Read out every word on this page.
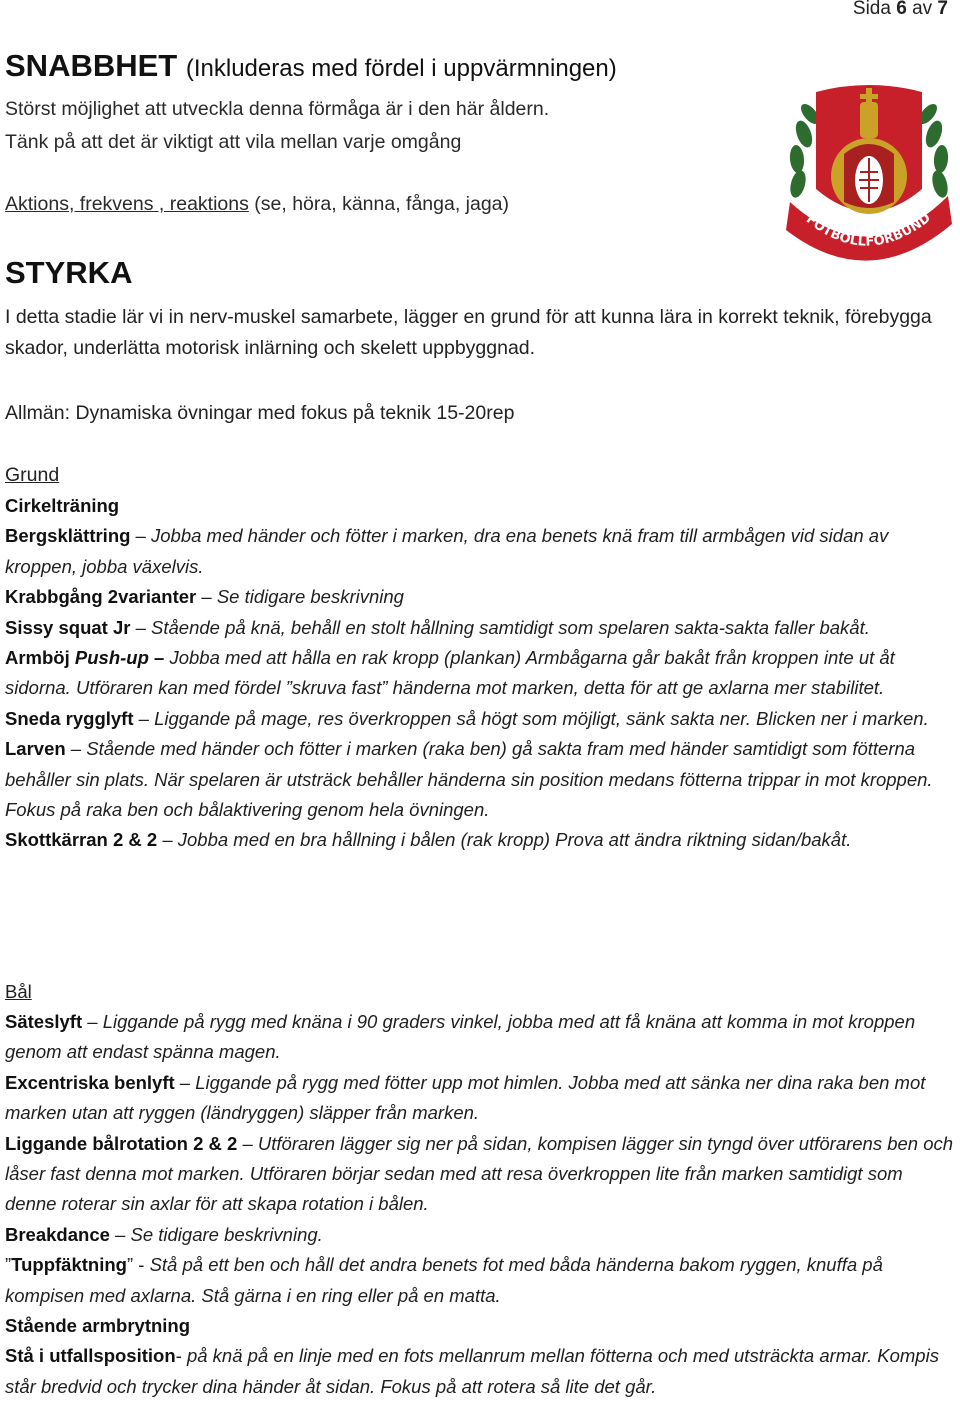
Sida 6 av 7
UPPLANDS
FOTBOLLFÖRBUND
SNABBHET (Inkluderas med fördel i uppvärmningen)
Störst möjlighet att utveckla denna förmåga är i den här åldern.
Tänk på att det är viktigt att vila mellan varje omgång
Aktions, frekvens , reaktions (se, höra, känna, fånga, jaga)
STYRKA
I detta stadie lär vi in nerv-muskel samarbete, lägger en grund för att kunna lära in korrekt teknik, förebygga skador, underlätta motorisk inlärning och skelett uppbyggnad.
Allmän: Dynamiska övningar med fokus på teknik 15-20rep
Grund
Cirkelträning
Bergsklättring – Jobba med händer och fötter i marken, dra ena benets knä fram till armbågen vid sidan av kroppen, jobba växelvis.
Krabbgång 2varianter – Se tidigare beskrivning
Sissy squat Jr – Stående på knä, behåll en stolt hållning samtidigt som spelaren sakta-sakta faller bakåt.
Armböj Push-up – Jobba med att hålla en rak kropp (plankan) Armbågarna går bakåt från kroppen inte ut åt sidorna. Utföraren kan med fördel ”skruva fast” händerna mot marken, detta för att ge axlarna mer stabilitet.
Sneda rygglyft – Liggande på mage, res överkroppen så högt som möjligt, sänk sakta ner. Blicken ner i marken.
Larven – Stående med händer och fötter i marken (raka ben) gå sakta fram med händer samtidigt som fötterna behåller sin plats. När spelaren är utsträck behåller händerna sin position medans fötterna trippar in mot kroppen. Fokus på raka ben och bålaktivering genom hela övningen.
Skottkärran 2 & 2 – Jobba med en bra hållning i bålen (rak kropp) Prova att ändra riktning sidan/bakåt.
Bål
Säteslyft – Liggande på rygg med knäna i 90 graders vinkel, jobba med att få knäna att komma in mot kroppen genom att endast spänna magen.
Excentriska benlyft – Liggande på rygg med fötter upp mot himlen. Jobba med att sänka ner dina raka ben mot marken utan att ryggen (ländryggen) släpper från marken.
Liggande bålrotation 2 & 2 – Utföraren lägger sig ner på sidan, kompisen lägger sin tyngd över utförarens ben och låser fast denna mot marken. Utföraren börjar sedan med att resa överkroppen lite från marken samtidigt som denne roterar sin axlar för att skapa rotation i bålen.
Breakdance – Se tidigare beskrivning.
”Tuppfäktning” - Stå på ett ben och håll det andra benets fot med båda händerna bakom ryggen, knuffa på kompisen med axlarna. Stå gärna i en ring eller på en matta.
Stående armbrytning
Stå i utfallsposition- på knä på en linje med en fots mellanrum mellan fötterna och med utsträckta armar. Kompis står bredvid och trycker dina händer åt sidan. Fokus på att rotera så lite det går.
